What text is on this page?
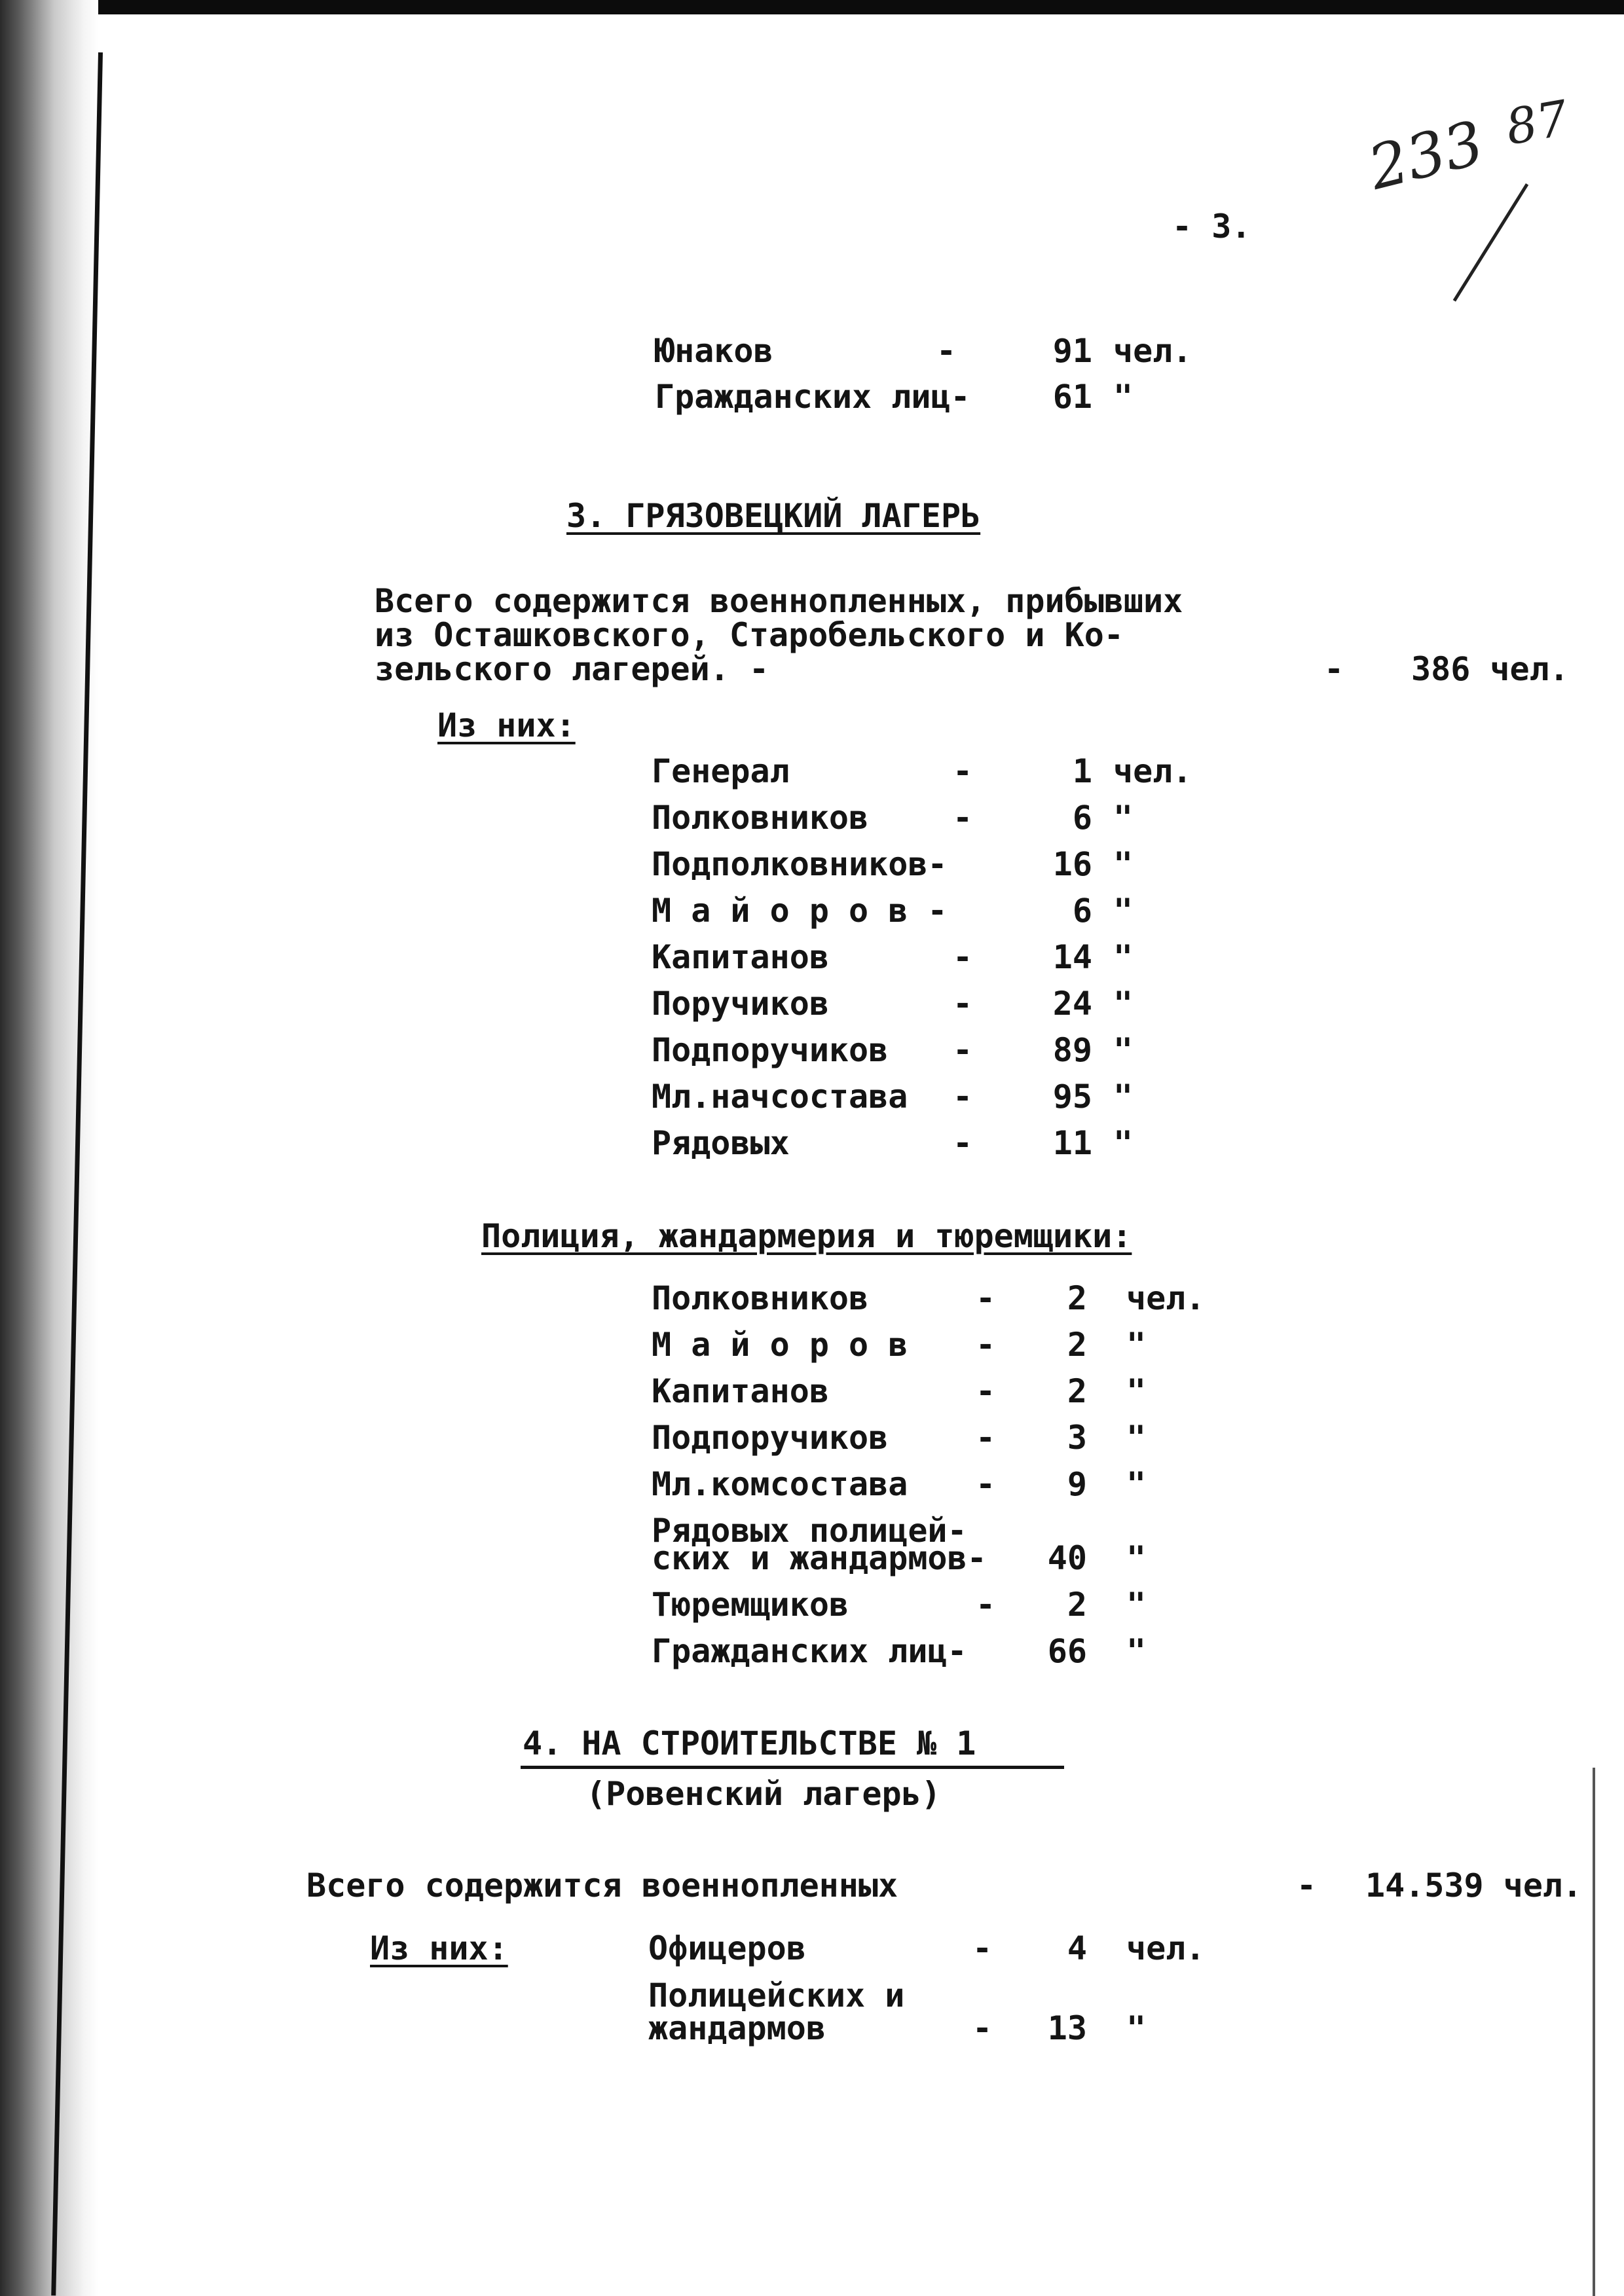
233 87
- 3.
Юнаков	-	91 чел.
Гражданских лиц-	61 "
3. ГРЯЗОВЕЦКИЙ ЛАГЕРЬ
Всего содержится военнопленных, прибывших
из Осташковского, Старобельского и Ко-
зельского лагерей. -	- 386 чел.
Из них:
Генерал	-	1 чел.
Полковников	-	6 "
Подполковников-	16 "
М а й о р о в -	6 "
Капитанов	-	14 "
Поручиков	-	24 "
Подпоручиков -	89 "
Мл.начсостава -	95 "
Рядовых	-	11 "
Полиция, жандармерия и тюремщики:
Полковников	-	2 чел.
М а й о р о в -	2 "
Капитанов	-	2 "
Подпоручиков	-	3 "
Мл.комсостава -	9 "
Рядовых полицей-
ских и жандармов-	40 "
Тюремщиков	-	2 "
Гражданских лиц-	66 "
4. НА СТРОИТЕЛЬСТВЕ № 1
(Ровенский лагерь)
Всего содержится военнопленных	- 14.539 чел.
Из них:	Офицеров	-	4 чел.
Полицейских и
жандармов	-	13 "
